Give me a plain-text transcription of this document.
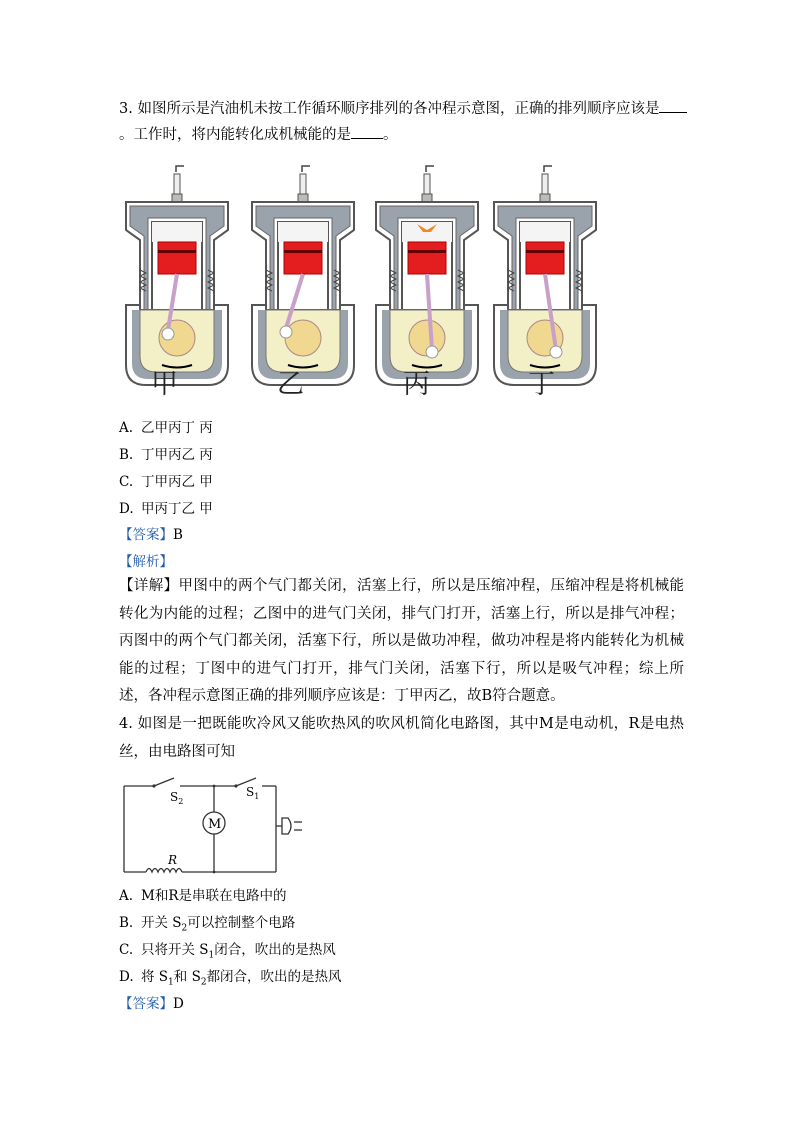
3. 如图所示是汽油机未按工作循环顺序排列的各冲程示意图，正确的排列顺序应该是
。工作时，将内能转化成机械能的是 。
甲	乙	丙	丁
A. 乙甲丙丁 丙
B. 丁甲丙乙 丙
C. 丁甲丙乙 甲
D. 甲丙丁乙 甲
【答案】B
【解析】
【详解】甲图中的两个气门都关闭，活塞上行，所以是压缩冲程，压缩冲程是将机械能转化为内能的过程；乙图中的进气门关闭，排气门打开，活塞上行，所以是排气冲程；丙图中的两个气门都关闭，活塞下行，所以是做功冲程，做功冲程是将内能转化为机械能的过程；丁图中的进气门打开，排气门关闭，活塞下行，所以是吸气冲程；综上所述，各冲程示意图正确的排列顺序应该是：丁甲丙乙，故B符合题意。
4. 如图是一把既能吹冷风又能吹热风的吹风机简化电路图，其中M是电动机，R是电热丝，由电路图可知
M
$S_2$
$S_1$
R
A. M和R是串联在电路中的
B. 开关 $S_2$可以控制整个电路
C. 只将开关 $S_1$闭合，吹出的是热风
D. 将 $S_1$和 $S_2$都闭合，吹出的是热风
【答案】D
